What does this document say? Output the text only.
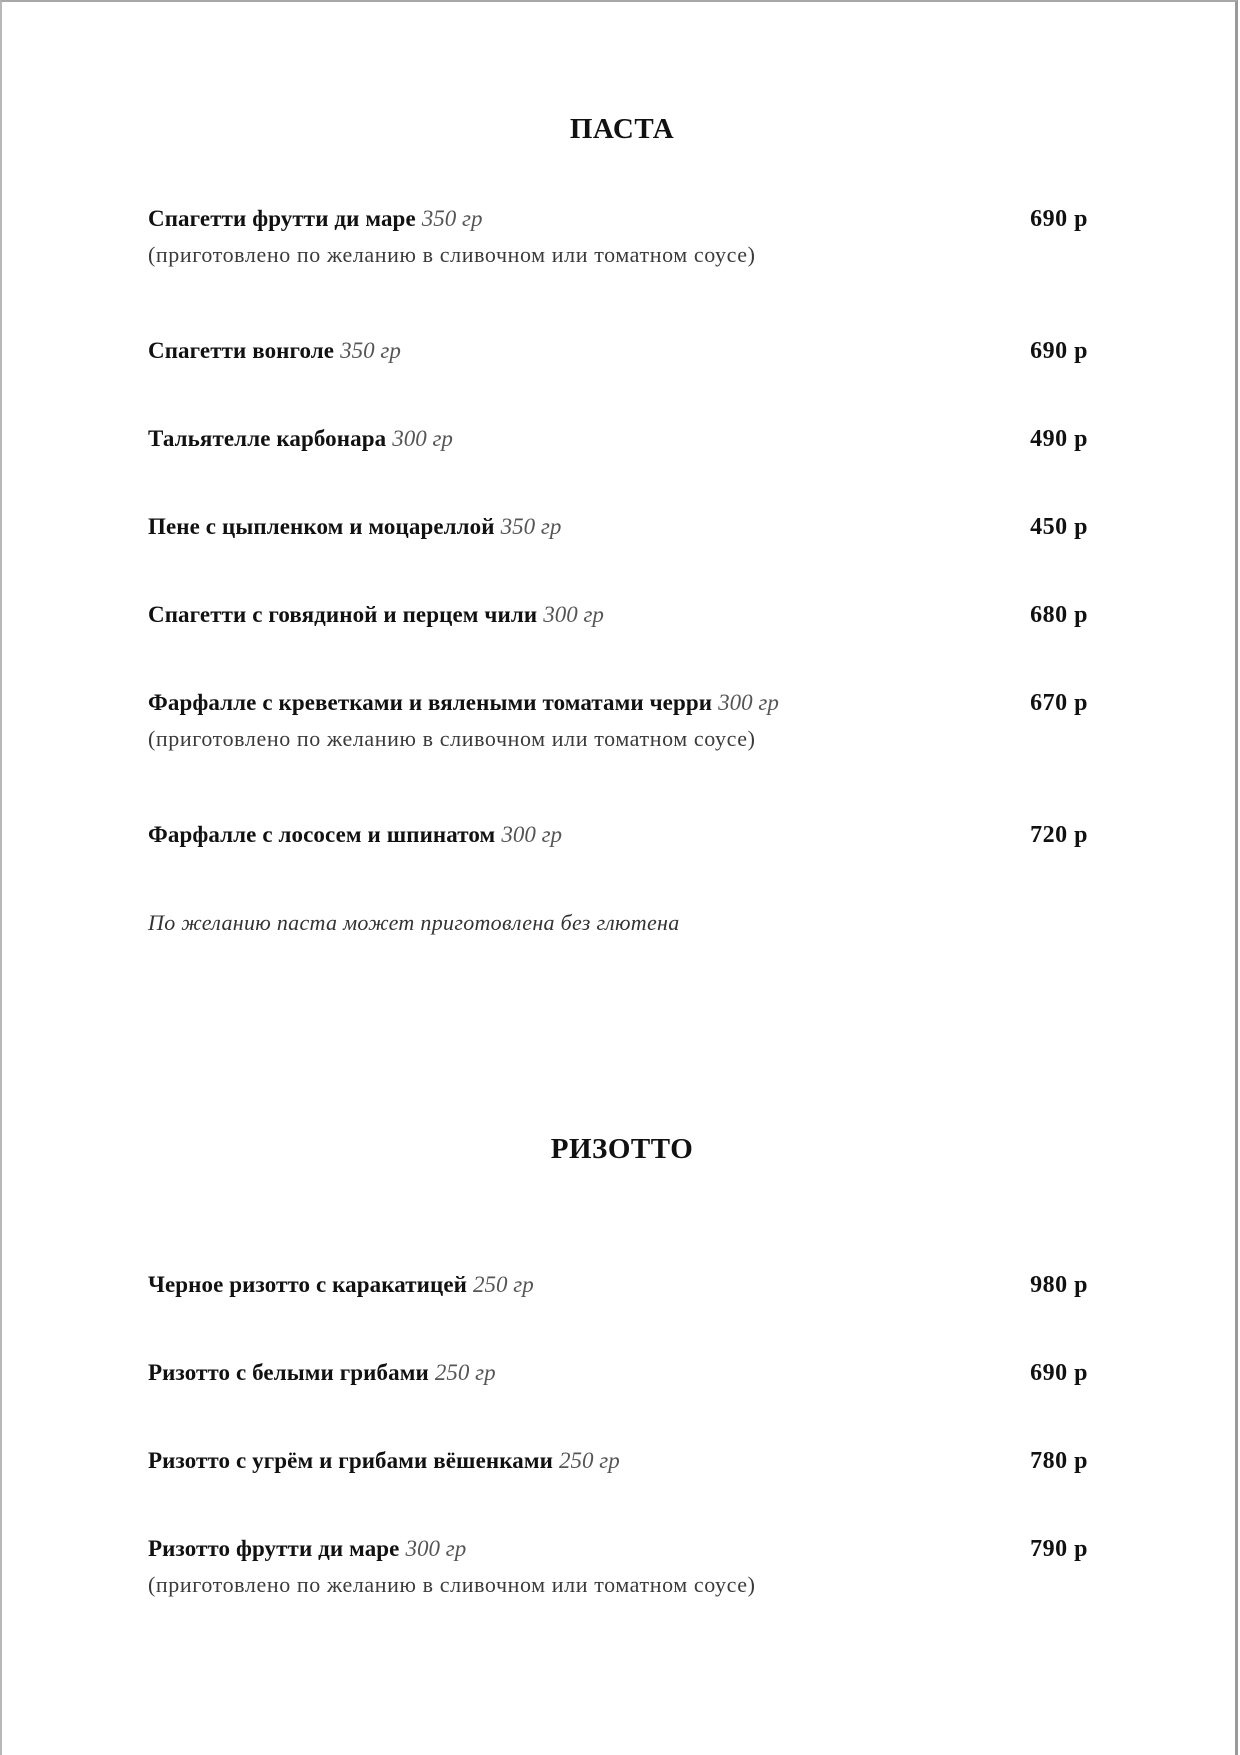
ПАСТА
Спагетти фрутти ди маре 350 гр	690 р
(приготовлено по желанию в сливочном или томатном соусе)
Спагетти вонголе 350 гр	690 р
Тальятелле карбонара 300 гр	490 р
Пене с цыпленком и моцареллой 350 гр	450 р
Спагетти с говядиной и перцем чили 300 гр	680 р
Фарфалле с креветками и вялеными томатами черри 300 гр	670 р
(приготовлено по желанию в сливочном или томатном соусе)
Фарфалле с лососем и шпинатом 300 гр	720 р
По желанию паста может приготовлена без глютена
РИЗОТТО
Черное ризотто с каракатицей 250 гр	980 р
Ризотто с белыми грибами 250 гр	690 р
Ризотто с угрём и грибами вёшенками 250 гр	780 р
Ризотто фрутти ди маре 300 гр	790 р
(приготовлено по желанию в сливочном или томатном соусе)
